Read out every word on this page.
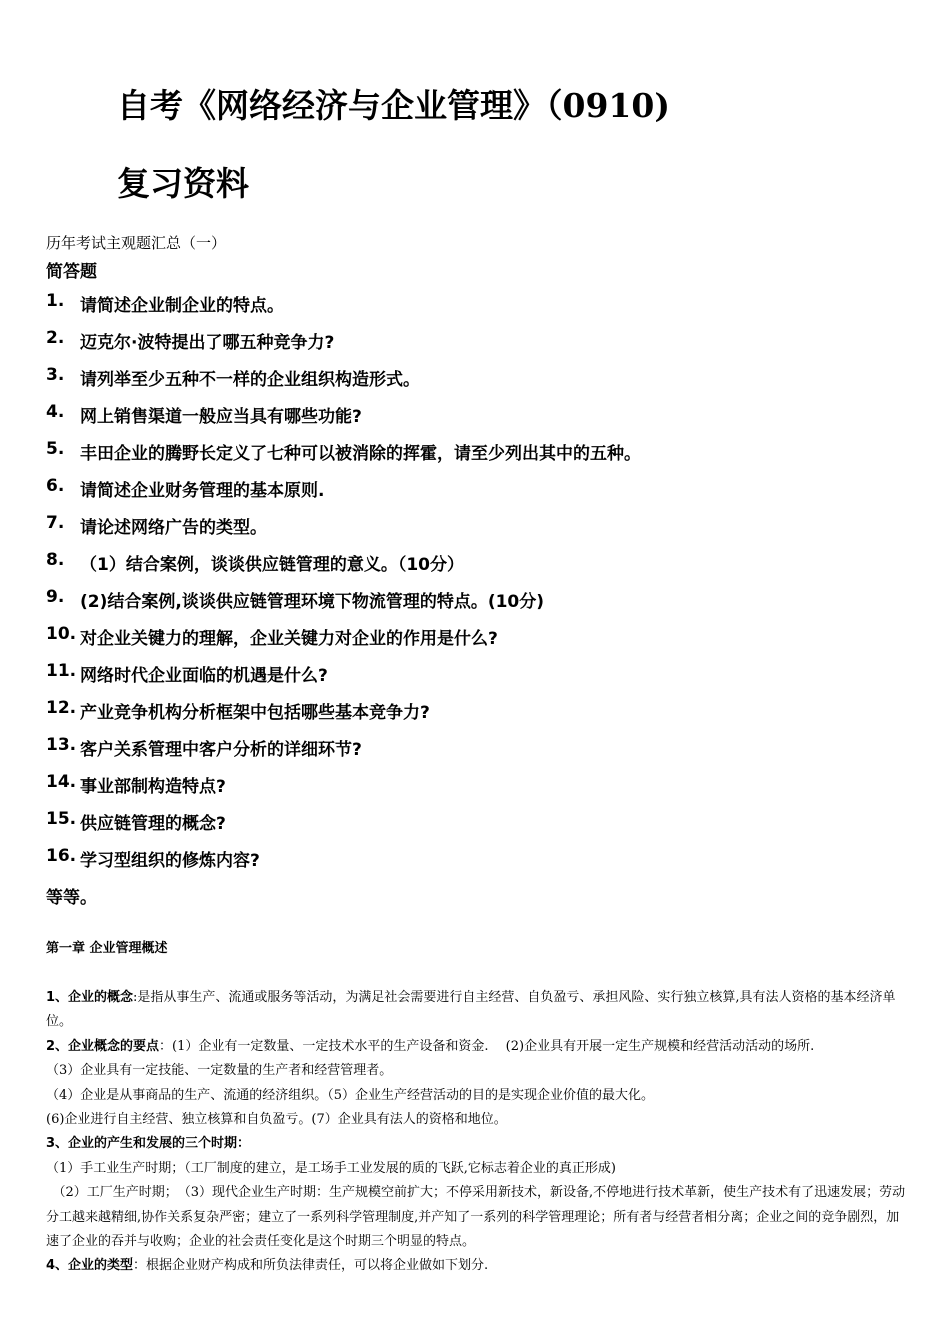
自考《网络经济与企业管理》（0910)
复习资料
历年考试主观题汇总（一）
简答题
1. 请简述企业制企业的特点。
2. 迈克尔·波特提出了哪五种竞争力?
3. 请列举至少五种不一样的企业组织构造形式。
4. 网上销售渠道一般应当具有哪些功能?
5. 丰田企业的腾野长定义了七种可以被消除的挥霍，请至少列出其中的五种。
6. 请简述企业财务管理的基本原则.
7. 请论述网络广告的类型。
8. （1）结合案例，谈谈供应链管理的意义。（10分）
9. (2)结合案例,谈谈供应链管理环境下物流管理的特点。(10分)
10. 对企业关键力的理解，企业关键力对企业的作用是什么?
11. 网络时代企业面临的机遇是什么?
12. 产业竞争机构分析框架中包括哪些基本竞争力?
13. 客户关系管理中客户分析的详细环节?
14. 事业部制构造特点?
15. 供应链管理的概念?
16. 学习型组织的修炼内容?
等等。
第一章 企业管理概述

1、企业的概念:是指从事生产、流通或服务等活动，为满足社会需要进行自主经营、自负盈亏、承担风险、实行独立核算,具有法人资格的基本经济单位。

2、企业概念的要点：(1）企业有一定数量、一定技术水平的生产设备和资金.　 (2)企业具有开展一定生产规模和经营活动活动的场所.

（3）企业具有一定技能、一定数量的生产者和经营管理者。

（4）企业是从事商品的生产、流通的经济组织。（5）企业生产经营活动的目的是实现企业价值的最大化。

(6)企业进行自主经营、独立核算和自负盈亏。(7）企业具有法人的资格和地位。

3、企业的产生和发展的三个时期：

（1）手工业生产时期；（工厂制度的建立，是工场手工业发展的质的飞跃,它标志着企业的真正形成)

　（2）工厂生产时期；　（3）现代企业生产时期：生产规模空前扩大；不停采用新技术，新设备,不停地进行技术革新，使生产技术有了迅速发展；劳动分工越来越精细,协作关系复杂严密；建立了一系列科学管理制度,并产知了一系列的科学管理理论；所有者与经营者相分离；企业之间的竞争剧烈，加速了企业的吞并与收购；企业的社会责任变化是这个时期三个明显的特点。

4、企业的类型：根据企业财产构成和所负法律责任，可以将企业做如下划分.
